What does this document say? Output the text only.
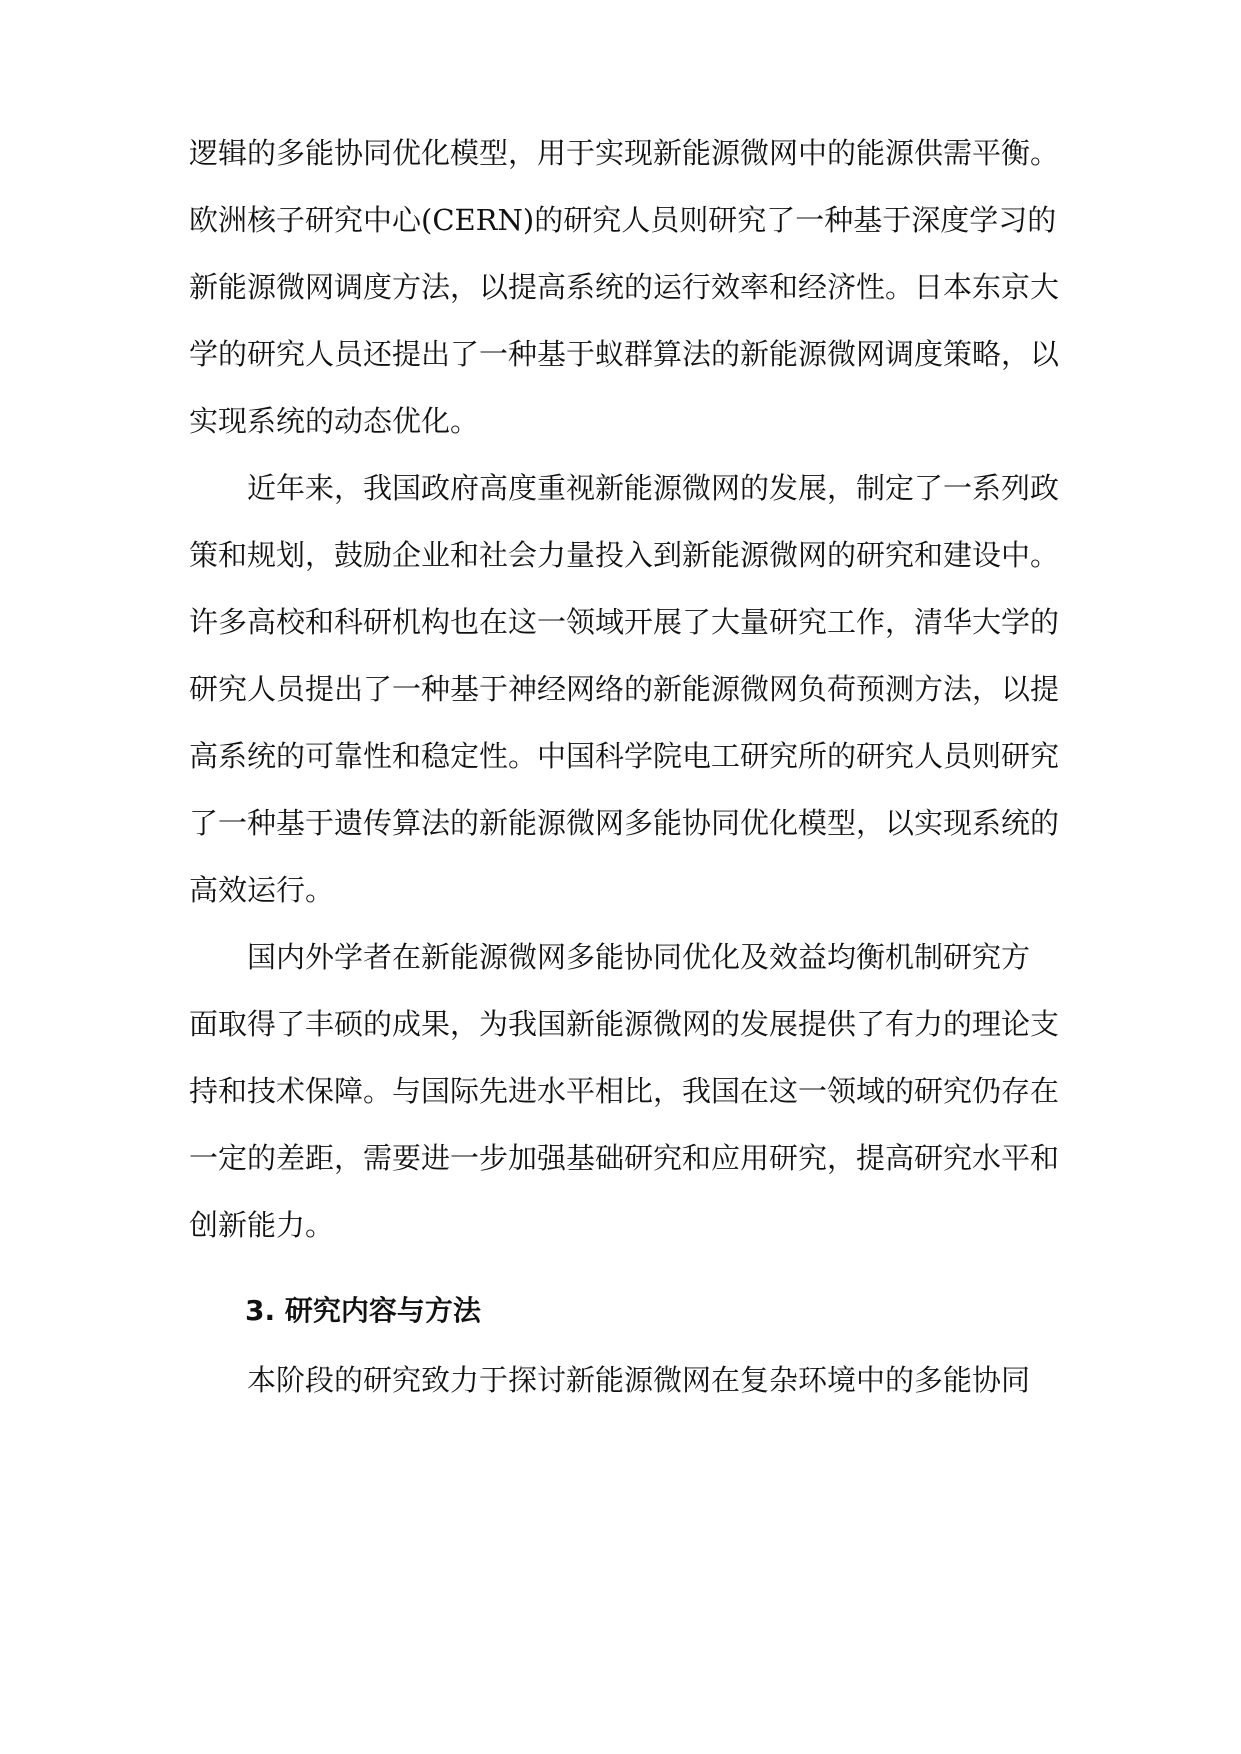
逻辑的多能协同优化模型，用于实现新能源微网中的能源供需平衡。
欧洲核子研究中心(CERN)的研究人员则研究了一种基于深度学习的
新能源微网调度方法，以提高系统的运行效率和经济性。日本东京大
学的研究人员还提出了一种基于蚁群算法的新能源微网调度策略，以
实现系统的动态优化。
近年来，我国政府高度重视新能源微网的发展，制定了一系列政
策和规划，鼓励企业和社会力量投入到新能源微网的研究和建设中。
许多高校和科研机构也在这一领域开展了大量研究工作，清华大学的
研究人员提出了一种基于神经网络的新能源微网负荷预测方法，以提
高系统的可靠性和稳定性。中国科学院电工研究所的研究人员则研究
了一种基于遗传算法的新能源微网多能协同优化模型，以实现系统的
高效运行。
国内外学者在新能源微网多能协同优化及效益均衡机制研究方
面取得了丰硕的成果，为我国新能源微网的发展提供了有力的理论支
持和技术保障。与国际先进水平相比，我国在这一领域的研究仍存在
一定的差距，需要进一步加强基础研究和应用研究，提高研究水平和
创新能力。
3. 研究内容与方法
本阶段的研究致力于探讨新能源微网在复杂环境中的多能协同
